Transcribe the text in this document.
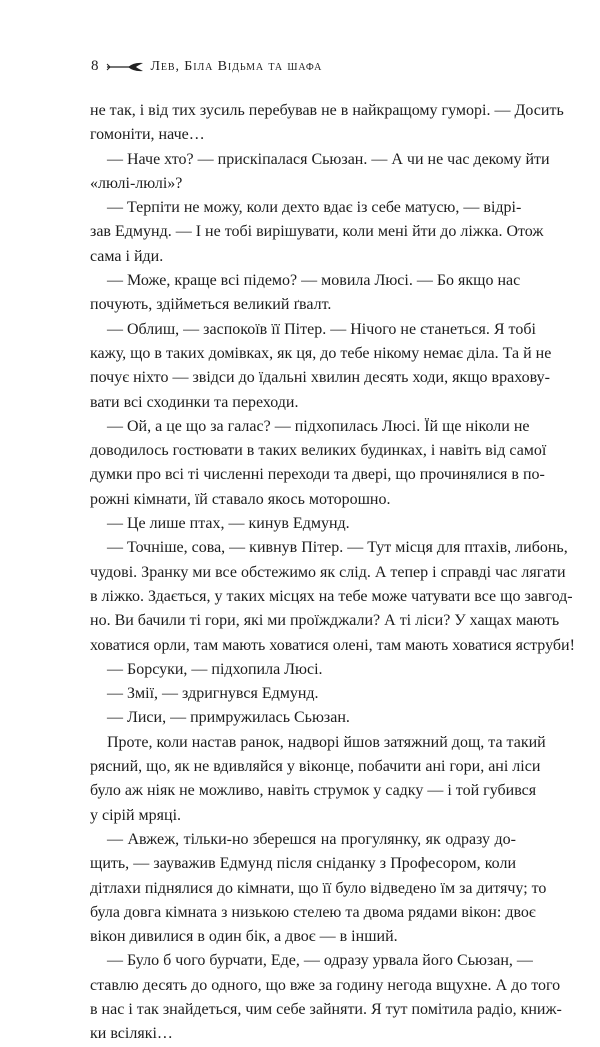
8	Лев, Біла Відьма та шафа
не так, і від тих зусиль перебував не в найкращому гуморі. — Досить
гомоніти, наче…
— Наче хто? — прискіпалася Сьюзан. — А чи не час декому йти
«люлі-люлі»?
— Терпіти не можу, коли дехто вдає із себе матусю, — відрі-
зав Едмунд. — І не тобі вирішувати, коли мені йти до ліжка. Отож
сама і йди.
— Може, краще всі підемо? — мовила Люсі. — Бо якщо нас
почують, здійметься великий ґвалт.
— Облиш, — заспокоїв її Пітер. — Нічого не станеться. Я тобі
кажу, що в таких домівках, як ця, до тебе нікому немає діла. Та й не
почує ніхто — звідси до їдальні хвилин десять ходи, якщо врахову-
вати всі сходинки та переходи.
— Ой, а це що за галас? — підхопилась Люсі. Їй ще ніколи не
доводилось гостювати в таких великих будинках, і навіть від самої
думки про всі ті численні переходи та двері, що прочинялися в по-
рожні кімнати, їй ставало якось моторошно.
— Це лише птах, — кинув Едмунд.
— Точніше, сова, — кивнув Пітер. — Тут місця для птахів, либонь,
чудові. Зранку ми все обстежимо як слід. А тепер і справді час лягати
в ліжко. Здається, у таких місцях на тебе може чатувати все що завгод-
но. Ви бачили ті гори, які ми проїжджали? А ті ліси? У хащах мають
ховатися орли, там мають ховатися олені, там мають ховатися яструби!
— Борсуки, — підхопила Люсі.
— Змії, — здригнувся Едмунд.
— Лиси, — примружилась Сьюзан.
Проте, коли настав ранок, надворі йшов затяжний дощ, та такий
рясний, що, як не вдивляйся у віконце, побачити ані гори, ані ліси
було аж ніяк не можливо, навіть струмок у садку — і той губився
у сірій мряці.
— Авжеж, тільки-но зберешся на прогулянку, як одразу до-
щить, — зауважив Едмунд після сніданку з Професором, коли
дітлахи піднялися до кімнати, що її було відведено їм за дитячу; то
була довга кімната з низькою стелею та двома рядами вікон: двоє
вікон дивилися в один бік, а двоє — в інший.
— Було б чого бурчати, Еде, — одразу урвала його Сьюзан, —
ставлю десять до одного, що вже за годину негода вщухне. А до того
в нас і так знайдеться, чим себе зайняти. Я тут помітила радіо, книж-
ки всілякі…
